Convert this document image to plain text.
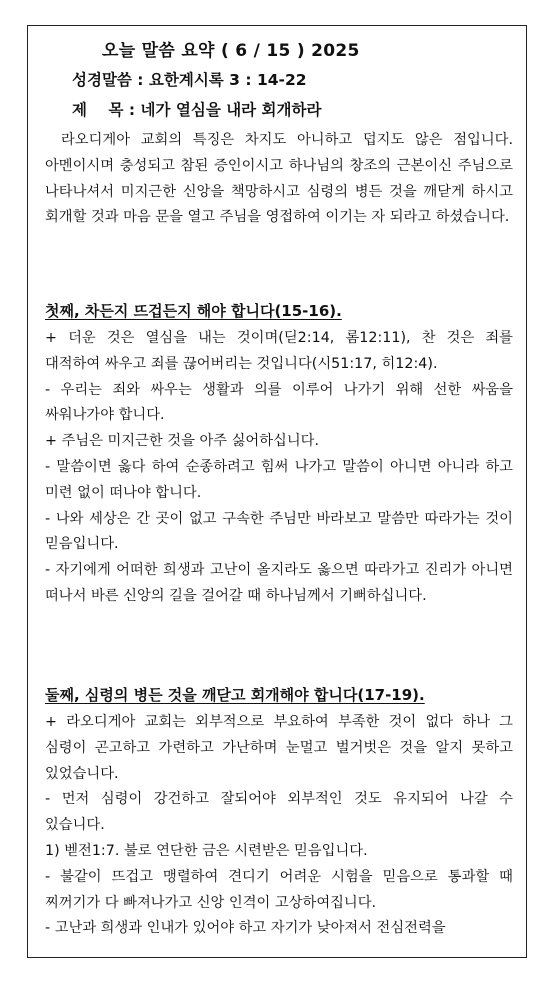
오늘 말씀 요약 ( 6 / 15 ) 2025
성경말씀 : 요한계시록 3 : 14-22
제    목 : 네가 열심을 내라 회개하라

라오디게아 교회의 특징은 차지도 아니하고 덥지도 않은 점입니다. 아멘이시며 충성되고 참된 증인이시고 하나님의 창조의 근본이신 주님으로 나타나셔서 미지근한 신앙을 책망하시고 심령의 병든 것을 깨닫게 하시고 회개할 것과 마음 문을 열고 주님을 영접하여 이기는 자 되라고 하셨습니다.

첫째, 차든지 뜨겁든지 해야 합니다(15-16).
+ 더운 것은 열심을 내는 것이며(딛2:14, 롬12:11), 찬 것은 죄를 대적하여 싸우고 죄를 끊어버리는 것입니다(시51:17, 히12:4).
- 우리는 죄와 싸우는 생활과 의를 이루어 나가기 위해 선한 싸움을 싸워나가야 합니다.
+ 주님은 미지근한 것을 아주 싫어하십니다.
- 말씀이면 옳다 하여 순종하려고 힘써 나가고 말씀이 아니면 아니라 하고 미련 없이 떠나야 합니다.
- 나와 세상은 간 곳이 없고 구속한 주님만 바라보고 말씀만 따라가는 것이 믿음입니다.
- 자기에게 어떠한 희생과 고난이 올지라도 옳으면 따라가고 진리가 아니면 떠나서 바른 신앙의 길을 걸어갈 때 하나님께서 기뻐하십니다.
둘째, 심령의 병든 것을 깨닫고 회개해야 합니다(17-19).
+ 라오디게아 교회는 외부적으로 부요하여 부족한 것이 없다 하나 그 심령이 곤고하고 가련하고 가난하며 눈멀고 벌거벗은 것을 알지 못하고 있었습니다.
- 먼저 심령이 강건하고 잘되어야 외부적인 것도 유지되어 나갈 수 있습니다.
1) 벧전1:7. 불로 연단한 금은 시련받은 믿음입니다.
- 불같이 뜨겁고 맹렬하여 견디기 어려운 시험을 믿음으로 통과할 때 찌꺼기가 다 빠져나가고 신앙 인격이 고상하여집니다.
- 고난과 희생과 인내가 있어야 하고 자기가 낮아져서 전심전력을
